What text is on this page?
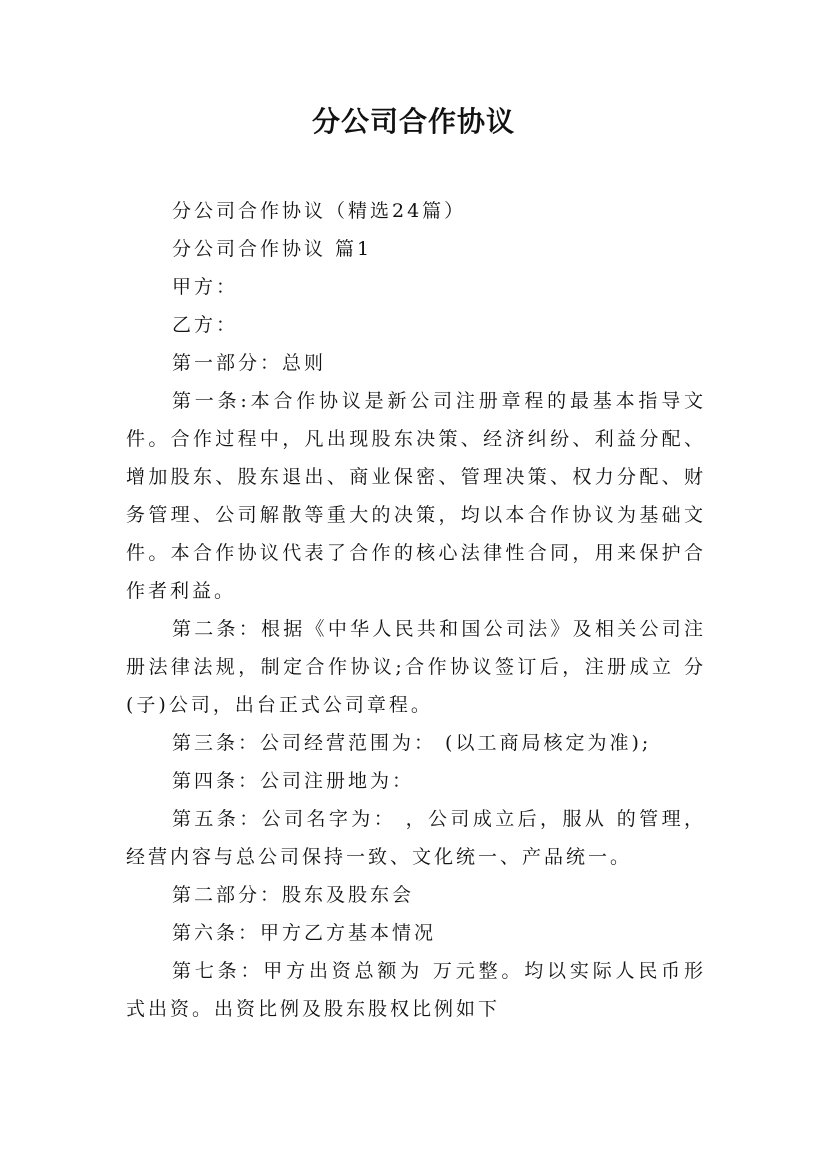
分公司合作协议

分公司合作协议（精选24篇）

分公司合作协议 篇1

甲方：

乙方：

第一部分：总则

第一条:本合作协议是新公司注册章程的最基本指导文件。合作过程中，凡出现股东决策、经济纠纷、利益分配、增加股东、股东退出、商业保密、管理决策、权力分配、财务管理、公司解散等重大的决策，均以本合作协议为基础文件。本合作协议代表了合作的核心法律性合同，用来保护合作者利益。

第二条：根据《中华人民共和国公司法》及相关公司注册法律法规，制定合作协议;合作协议签订后，注册成立 分(子)公司，出台正式公司章程。

第三条：公司经营范围为： (以工商局核定为准);

第四条：公司注册地为：

第五条：公司名字为： ，公司成立后，服从 的管理，经营内容与总公司保持一致、文化统一、产品统一。

第二部分：股东及股东会

第六条：甲方乙方基本情况

第七条：甲方出资总额为 万元整。均以实际人民币形式出资。出资比例及股东股权比例如下
